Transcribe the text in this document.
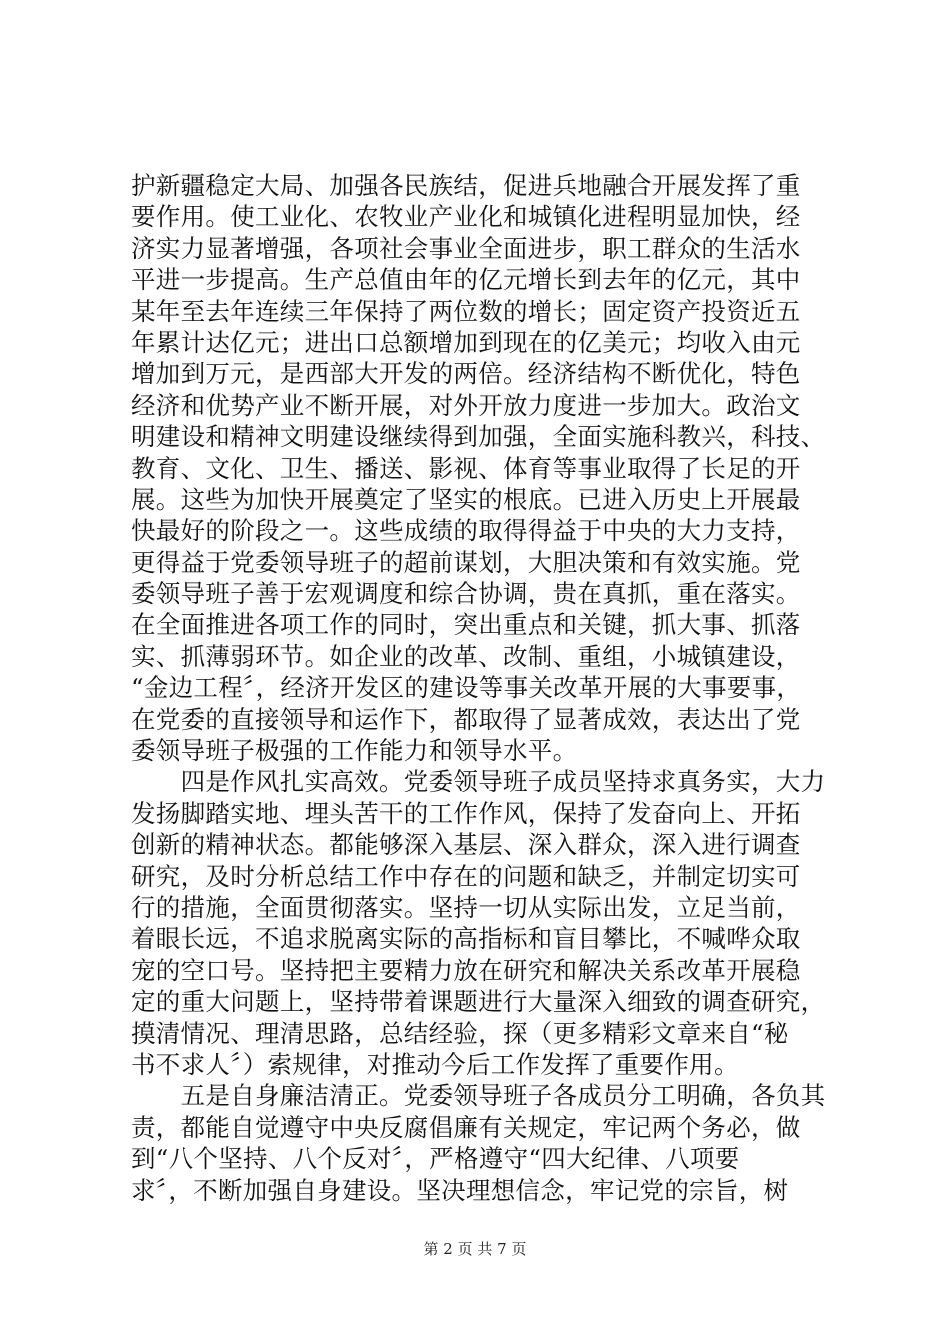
护新疆稳定大局、加强各民族结，促进兵地融合开展发挥了重
要作用。使工业化、农牧业产业化和城镇化进程明显加快，经
济实力显著增强，各项社会事业全面进步，职工群众的生活水
平进一步提高。生产总值由年的亿元增长到去年的亿元，其中
某年至去年连续三年保持了两位数的增长；固定资产投资近五
年累计达亿元；进出口总额增加到现在的亿美元；均收入由元
增加到万元，是西部大开发的两倍。经济结构不断优化，特色
经济和优势产业不断开展，对外开放力度进一步加大。政治文
明建设和精神文明建设继续得到加强，全面实施科教兴，科技、
教育、文化、卫生、播送、影视、体育等事业取得了长足的开
展。这些为加快开展奠定了坚实的根底。已进入历史上开展最
快最好的阶段之一。这些成绩的取得得益于中央的大力支持，
更得益于党委领导班子的超前谋划，大胆决策和有效实施。党
委领导班子善于宏观调度和综合协调，贵在真抓，重在落实。
在全面推进各项工作的同时，突出重点和关键，抓大事、抓落
实、抓薄弱环节。如企业的改革、改制、重组，小城镇建设，
“金边工程〞，经济开发区的建设等事关改革开展的大事要事，
在党委的直接领导和运作下，都取得了显著成效，表达出了党
委领导班子极强的工作能力和领导水平。
　　四是作风扎实高效。党委领导班子成员坚持求真务实，大力
发扬脚踏实地、埋头苦干的工作作风，保持了发奋向上、开拓
创新的精神状态。都能够深入基层、深入群众，深入进行调查
研究，及时分析总结工作中存在的问题和缺乏，并制定切实可
行的措施，全面贯彻落实。坚持一切从实际出发，立足当前，
着眼长远，不追求脱离实际的高指标和盲目攀比，不喊哗众取
宠的空口号。坚持把主要精力放在研究和解决关系改革开展稳
定的重大问题上，坚持带着课题进行大量深入细致的调查研究，
摸清情况、理清思路，总结经验，探（更多精彩文章来自“秘
书不求人〞）索规律，对推动今后工作发挥了重要作用。
　　五是自身廉洁清正。党委领导班子各成员分工明确，各负其
责，都能自觉遵守中央反腐倡廉有关规定，牢记两个务必，做
到“八个坚持、八个反对〞，严格遵守“四大纪律、八项要
求〞，不断加强自身建设。坚决理想信念，牢记党的宗旨，树
第 2 页 共 7 页
